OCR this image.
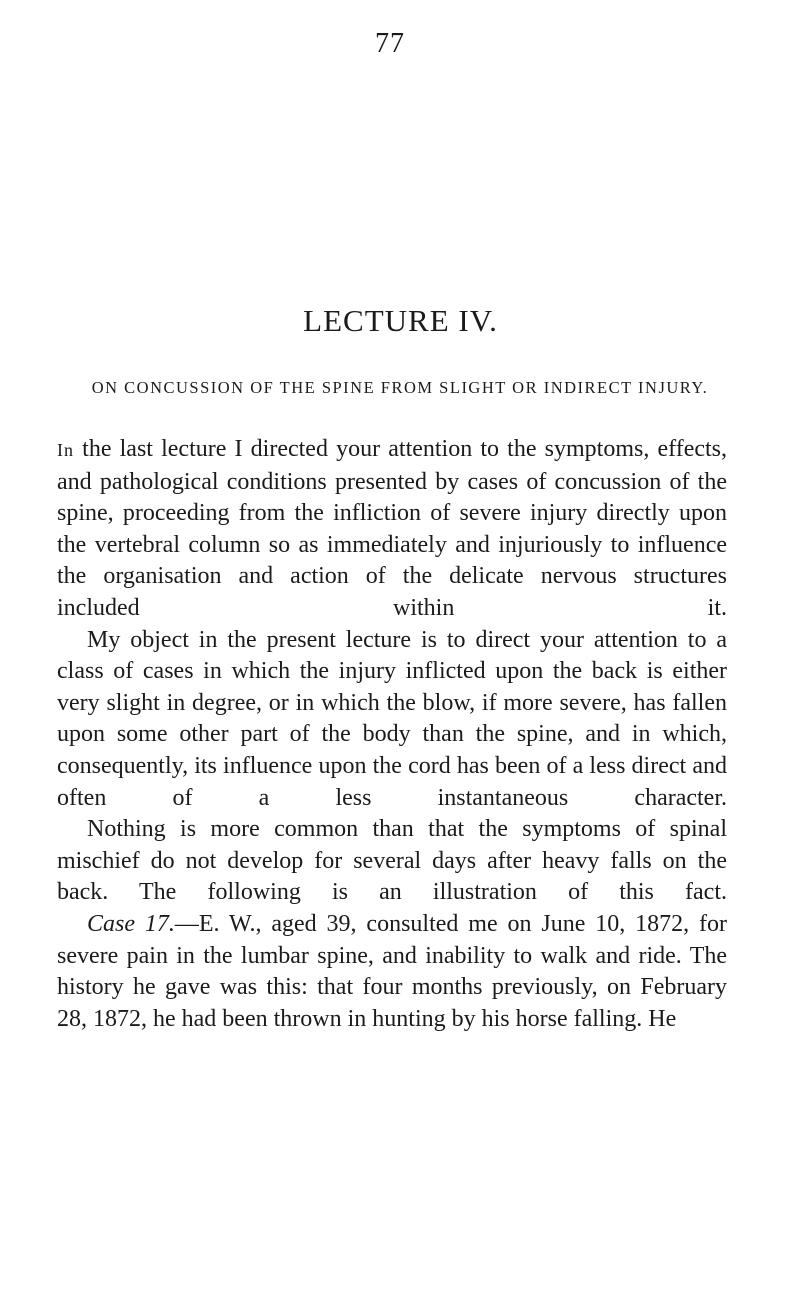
77
LECTURE IV.
ON CONCUSSION OF THE SPINE FROM SLIGHT OR INDIRECT INJURY.

In the last lecture I directed your attention to the symptoms, effects, and pathological conditions presented by cases of concussion of the spine, proceeding from the infliction of severe injury directly upon the vertebral column so as immediately and injuriously to influence the organisation and action of the delicate nervous structures included within it.

My object in the present lecture is to direct your attention to a class of cases in which the injury inflicted upon the back is either very slight in degree, or in which the blow, if more severe, has fallen upon some other part of the body than the spine, and in which, consequently, its influence upon the cord has been of a less direct and often of a less instantaneous character.

Nothing is more common than that the symptoms of spinal mischief do not develop for several days after heavy falls on the back. The following is an illustration of this fact.

Case 17.—E. W., aged 39, consulted me on June 10, 1872, for severe pain in the lumbar spine, and inability to walk and ride. The history he gave was this: that four months previously, on February 28, 1872, he had been thrown in hunting by his horse falling. He
